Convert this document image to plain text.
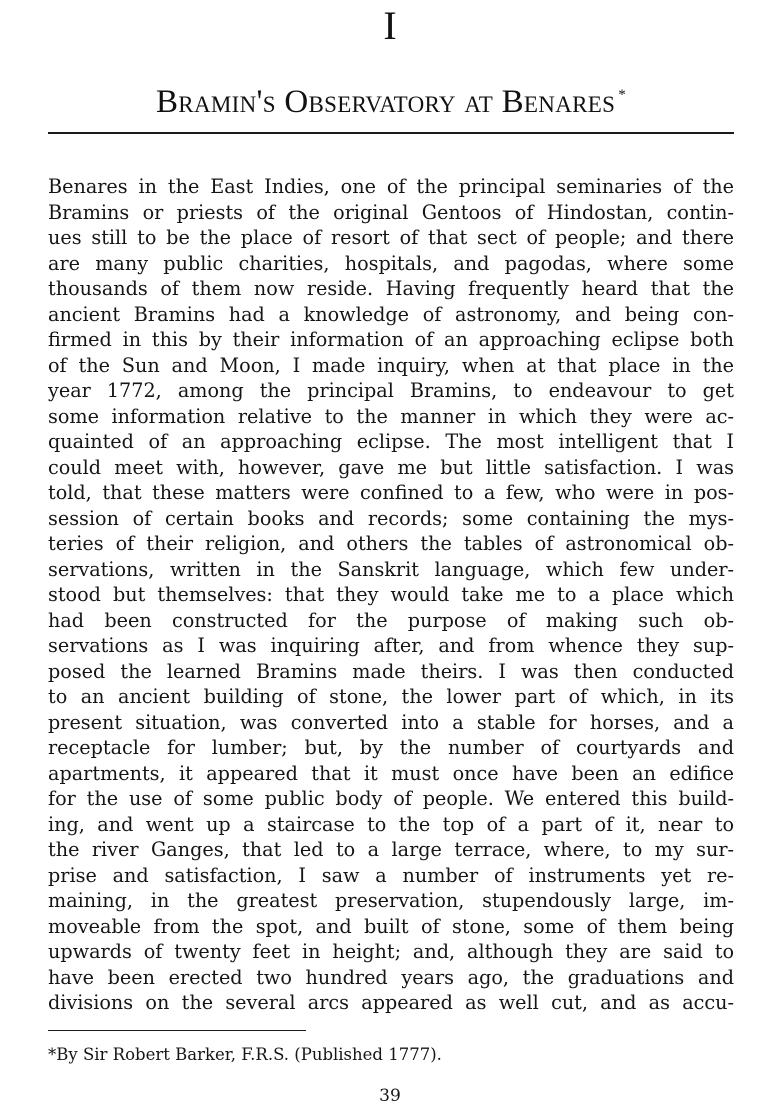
I
Bramin's Observatory at Benares *
Benares in the East Indies, one of the principal seminaries of the
Bramins or priests of the original Gentoos of Hindostan, contin-
ues still to be the place of resort of that sect of people; and there
are many public charities, hospitals, and pagodas, where some
thousands of them now reside. Having frequently heard that the
ancient Bramins had a knowledge of astronomy, and being con-
firmed in this by their information of an approaching eclipse both
of the Sun and Moon, I made inquiry, when at that place in the
year 1772, among the principal Bramins, to endeavour to get
some information relative to the manner in which they were ac-
quainted of an approaching eclipse. The most intelligent that I
could meet with, however, gave me but little satisfaction. I was
told, that these matters were confined to a few, who were in pos-
session of certain books and records; some containing the mys-
teries of their religion, and others the tables of astronomical ob-
servations, written in the Sanskrit language, which few under-
stood but themselves: that they would take me to a place which
had been constructed for the purpose of making such ob-
servations as I was inquiring after, and from whence they sup-
posed the learned Bramins made theirs. I was then conducted
to an ancient building of stone, the lower part of which, in its
present situation, was converted into a stable for horses, and a
receptacle for lumber; but, by the number of courtyards and
apartments, it appeared that it must once have been an edifice
for the use of some public body of people. We entered this build-
ing, and went up a staircase to the top of a part of it, near to
the river Ganges, that led to a large terrace, where, to my sur-
prise and satisfaction, I saw a number of instruments yet re-
maining, in the greatest preservation, stupendously large, im-
moveable from the spot, and built of stone, some of them being
upwards of twenty feet in height; and, although they are said to
have been erected two hundred years ago, the graduations and
divisions on the several arcs appeared as well cut, and as accu-
*By Sir Robert Barker, F.R.S. (Published 1777).
39
